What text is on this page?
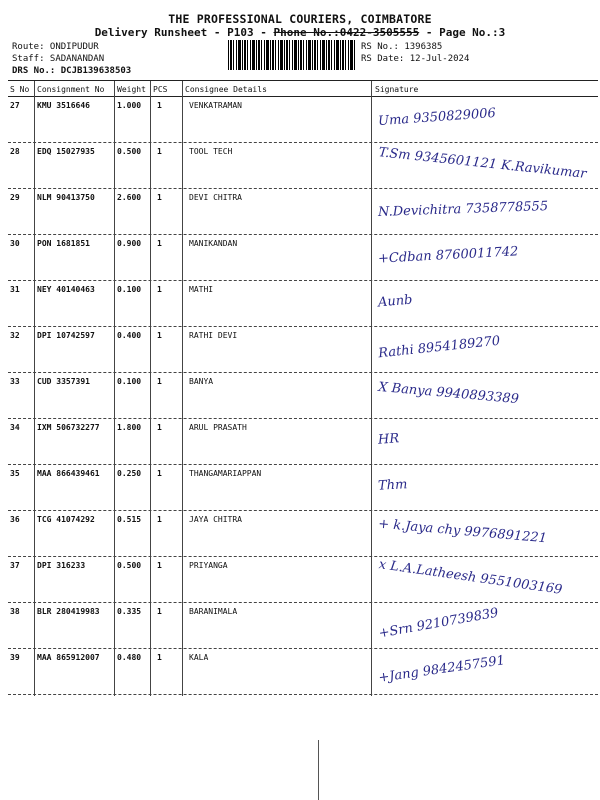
THE PROFESSIONAL COURIERS, COIMBATORE
Delivery Runsheet - P103 - Phone No.:0422-3505555 - Page No.:3
Route: ONDIPUDUR
Staff: SADANANDAN
DRS No.: DCJB139638503
RS No.: 1396385
RS Date: 12-Jul-2024
S No Consignment No Weight PCS Consignee Details	Signature
27 KMU 3516646	1.000 1	VENKATRAMAN
Uma 9350829006
28 EDQ 15027935	0.500 1	TOOL TECH	T.Sm 9345601121 K.Ravikumar
29 NLM 90413750	2.600 1	DEVI CHITRA
N.Devichitra 7358778555
30 PON 1681851	0.900 1	MANIKANDAN
+Cdban 8760011742
31 NEY 40140463	0.100 1	MATHI
Aunb
32 DPI 10742597	0.400 1	RATHI DEVI	Rathi 8954189270
33 CUD 3357391	0.100 1	BANYA	X Banya 9940893389
34 IXM 506732277 1.800 1	ARUL PRASATH
HR
35 MAA 866439461 0.250 1	THANGAMARIAPPAN
Thm
36 TCG 41074292	0.515 1	JAYA CHITRA	+ k.Jaya chy 9976891221
37 DPI 316233	0.500 1	PRIYANGA	x L.A.Latheesh 9551003169
38 BLR 280419983 0.335 1	BARANIMALA	+Srn 9210739839
39 MAA 865912007 0.480 1	KALA	+Jang 9842457591
